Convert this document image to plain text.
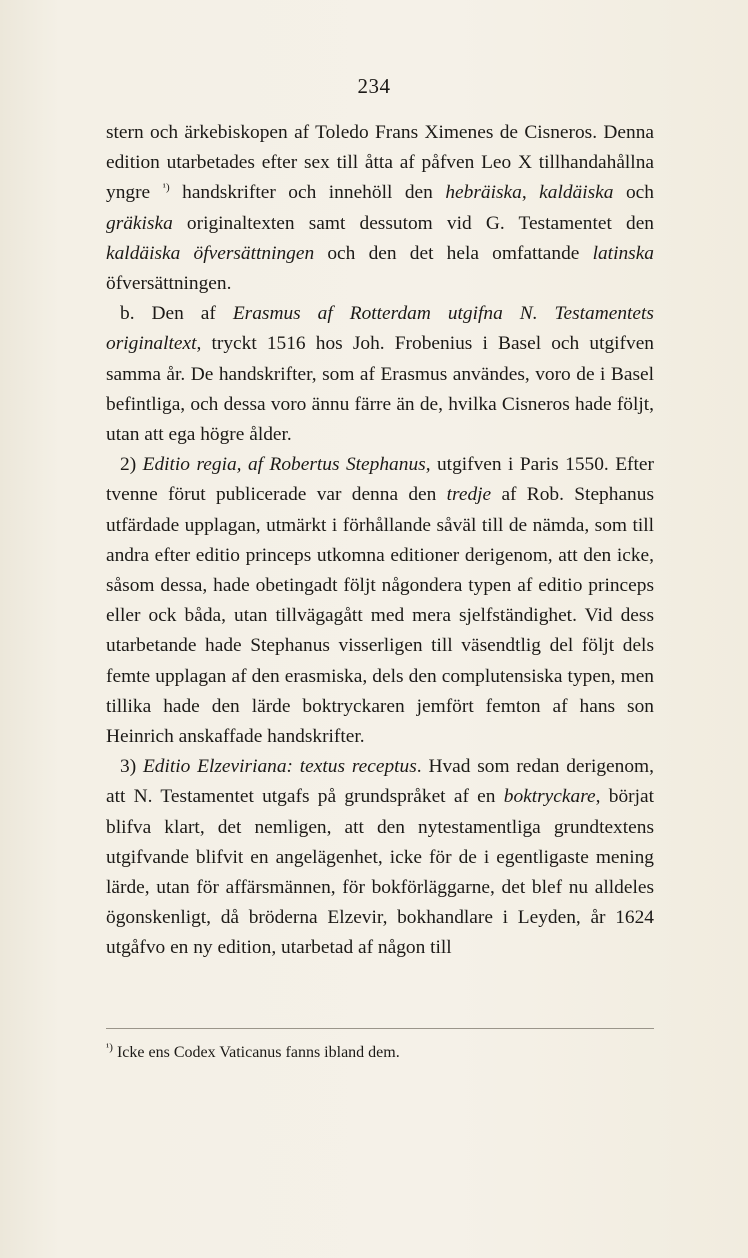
234

stern och ärkebiskopen af Toledo Frans Ximenes de Cisneros. Denna edition utarbetades efter sex till åtta af påfven Leo X tillhandahållna yngre $^{^1)}$ handskrifter och innehöll den hebräiska, kaldäiska och gräkiska originaltexten samt dessutom vid G. Testamentet den kaldäiska öfversättningen och den det hela omfattande latinska öfversättningen.

b. Den af Erasmus af Rotterdam utgifna N. Testamentets originaltext, tryckt 1516 hos Joh. Frobenius i Basel och utgifven samma år. De handskrifter, som af Erasmus användes, voro de i Basel befintliga, och dessa voro ännu färre än de, hvilka Cisneros hade följt, utan att ega högre ålder.

2) Editio regia, af Robertus Stephanus, utgifven i Paris 1550. Efter tvenne förut publicerade var denna den tredje af Rob. Stephanus utfärdade upplagan, utmärkt i förhållande såväl till de nämda, som till andra efter editio princeps utkomna editioner derigenom, att den icke, såsom dessa, hade obetingadt följt någondera typen af editio princeps eller ock båda, utan tillvägagått med mera sjelfständighet. Vid dess utarbetande hade Stephanus visserligen till väsendtlig del följt dels femte upplagan af den erasmiska, dels den complutensiska typen, men tillika hade den lärde boktryckaren jemfört femton af hans son Heinrich anskaffade handskrifter.

3) Editio Elzeviriana: textus receptus. Hvad som redan derigenom, att N. Testamentet utgafs på grundspråket af en boktryckare, börjat blifva klart, det nemligen, att den nytestamentliga grundtextens utgifvande blifvit en angelägenhet, icke för de i egentligaste mening lärde, utan för affärsmännen, för bokförläggarne, det blef nu alldeles ögonskenligt, då bröderna Elzevir, bokhandlare i Leyden, år 1624 utgåfvo en ny edition, utarbetad af någon till

$^{^1)}$ Icke ens Codex Vaticanus fanns ibland dem.
